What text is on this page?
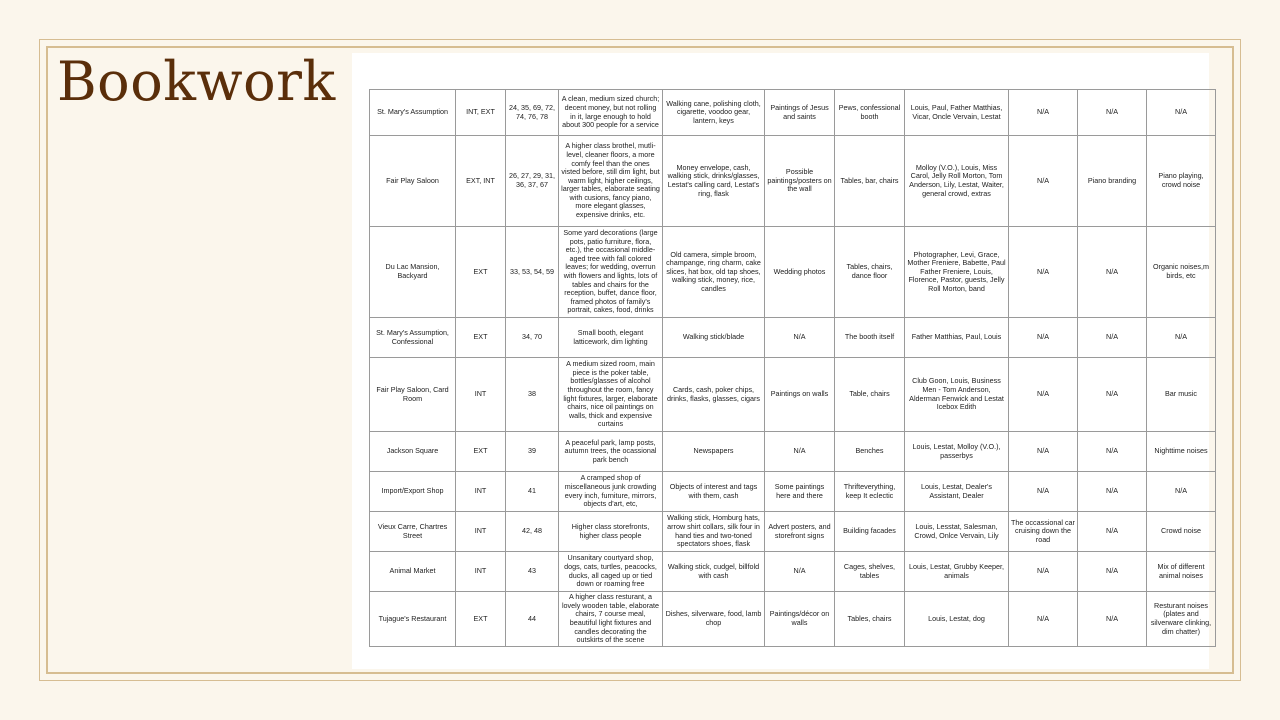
Bookwork	St. Mary's Assumption	INT, EXT	24, 35, 69, 72, 74, 76, 78	A clean, medium sized church; decent money, but not rolling in it, large enough to hold about 300 people for a service	Walking cane, polishing cloth, cigarette, voodoo gear, lantern, keys	Paintings of Jesus and saints	Pews, confessional booth	Louis, Paul, Father Matthias, Vicar, Oncle Vervain, Lestat	N/A	N/A	N/A
Fair Play Saloon	EXT, INT	26, 27, 29, 31, 36, 37, 67	A higher class brothel, mutli-level, cleaner floors, a more comfy feel than the ones visted before, still dim light, but warm light, higher ceilings, larger tables, elaborate seating with cusions, fancy piano, more elegant glasses, expensive drinks, etc.	Money envelope, cash, walking stick, drinks/glasses, Lestat's calling card, Lestat's ring, flask	Possible paintings/posters on the wall	Tables, bar, chairs	Molloy (V.O.), Louis, Miss Carol, Jelly Roll Morton, Tom Anderson, Lily, Lestat, Waiter, general crowd, extras	N/A	Piano branding	Piano playing, crowd noise
Du Lac Mansion, Backyard	EXT	33, 53, 54, 59	Some yard decorations (large pots, patio furniture, flora, etc.), the occasional middle-aged tree with fall colored leaves; for wedding, overrun with flowers and lights, lots of tables and chairs for the reception, buffet, dance floor, framed photos of family's portrait, cakes, food, drinks	Old camera, simple broom, champange, ring charm, cake slices, hat box, old tap shoes, walking stick, money, rice, candles	Wedding photos	Tables, chairs, dance floor	Photographer, Levi, Grace, Mother Freniere, Babette, Paul Father Freniere, Louis, Florence, Pastor, guests, Jelly Roll Morton, band	N/A	N/A	Organic noises,m birds, etc
St. Mary's Assumption, Confessional	EXT	34, 70	Small booth, elegant latticework, dim lighting	Walking stick/blade	N/A	The booth itself	Father Matthias, Paul, Louis	N/A	N/A	N/A
Fair Play Saloon, Card Room	INT	38	A medium sized room, main piece is the poker table, bottles/glasses of alcohol throughout the room, fancy light fixtures, larger, elaborate chairs, nice oil paintings on walls, thick and expensive curtains	Cards, cash, poker chips, drinks, flasks, glasses, cigars	Paintings on walls	Table, chairs	Club Goon, Louis, Business Men - Tom Anderson, Alderman Fenwick and Lestat Icebox Edith	N/A	N/A	Bar music
Jackson Square	EXT	39	A peaceful park, lamp posts, autumn trees, the ocassional park bench	Newspapers	N/A	Benches	Louis, Lestat, Molloy (V.O.), passerbys	N/A	N/A	Nighttime noises
Import/Export Shop	INT	41	A cramped shop of miscellaneous junk crowding every inch, furniture, mirrors, objects d'art, etc,	Objects of interest and tags with them, cash	Some paintings here and there	Thrifteverything, keep It eclectic	Louis, Lestat, Dealer's Assistant, Dealer	N/A	N/A	N/A
Vieux Carre, Chartres Street	INT	42, 48	Higher class storefronts, higher class people	Walking stick, Homburg hats, arrow shirt collars, silk four in hand ties and two-toned spectators shoes, flask	Advert posters, and storefront signs	Building facades	Louis, Lesstat, Salesman, Crowd, Onlce Vervain, Lily	The occassional car cruising down the road	N/A	Crowd noise
Animal Market	INT	43	Unsanitary courtyard shop, dogs, cats, turtles, peacocks, ducks, all caged up or tied down or roaming free	Walking stick, cudgel, billfold with cash	N/A	Cages, shelves, tables	Louis, Lestat, Grubby Keeper, animals	N/A	N/A	Mix of different animal noises
Tujague's Restaurant	EXT	44	A higher class resturant, a lovely wooden table, elaborate chairs, 7 course meal, beautiful light fixtures and candles decorating the outskirts of the scene	Dishes, silverware, food, lamb chop	Paintings/décor on walls	Tables, chairs	Louis, Lestat, dog	N/A	N/A	Resturant noises (plates and silverware clinking, dim chatter)
